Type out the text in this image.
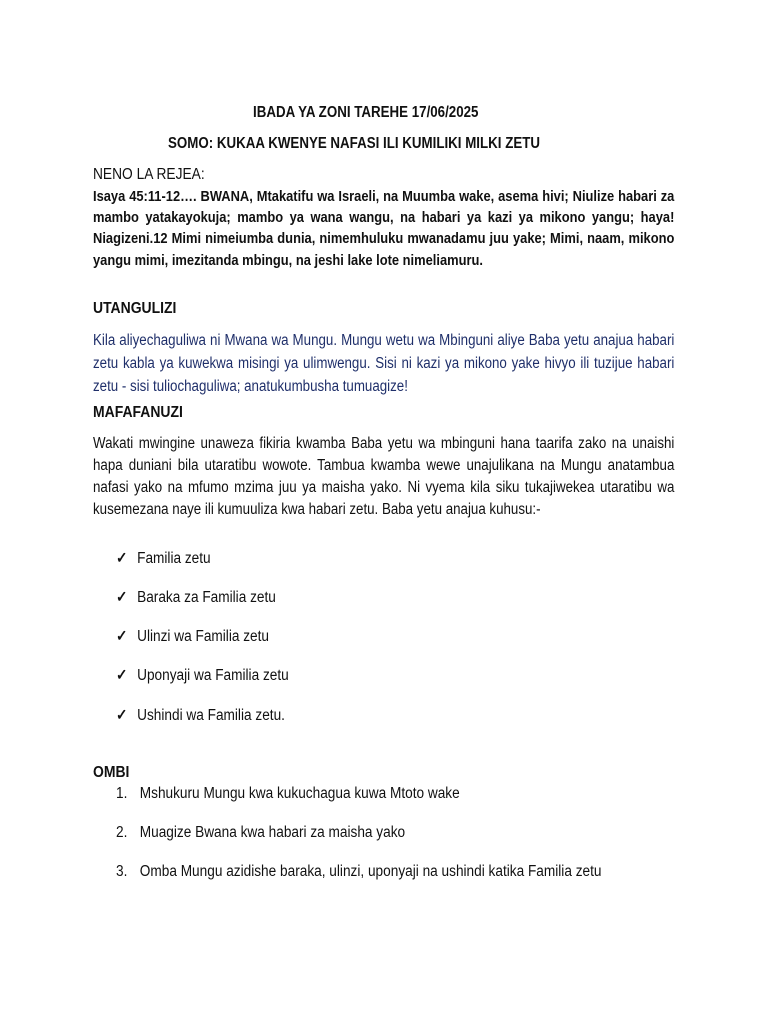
IBADA YA ZONI TAREHE 17/06/2025
SOMO: KUKAA KWENYE NAFASI ILI KUMILIKI MILKI ZETU
NENO LA REJEA:
Isaya 45:11-12…. BWANA, Mtakatifu wa Israeli, na Muumba wake, asema hivi; Niulize habari za mambo yatakayokuja; mambo ya wana wangu, na habari ya kazi ya mikono yangu; haya! Niagizeni.12 Mimi nimeiumba dunia, nimemhuluku mwanadamu juu yake; Mimi, naam, mikono yangu mimi, imezitanda mbingu, na jeshi lake lote nimeliamuru.
UTANGULIZI
Kila aliyechaguliwa ni Mwana wa Mungu. Mungu wetu wa Mbinguni aliye Baba yetu anajua habari zetu kabla ya kuwekwa misingi ya ulimwengu. Sisi ni kazi ya mikono yake hivyo ili tuzijue habari zetu - sisi tuliochaguliwa; anatukumbusha tumuagize!
MAFAFANUZI
Wakati mwingine unaweza fikiria kwamba Baba yetu wa mbinguni hana taarifa zako na unaishi hapa duniani bila utaratibu wowote. Tambua kwamba wewe unajulikana na Mungu anatambua nafasi yako na mfumo mzima juu ya maisha yako. Ni vyema kila siku tukajiwekea utaratibu wa kusemezana naye ili kumuuliza kwa habari zetu. Baba yetu anajua kuhusu:-
✓ Familia zetu
✓ Baraka za Familia zetu
✓ Ulinzi wa Familia zetu
✓ Uponyaji wa Familia zetu
✓ Ushindi wa Familia zetu.
OMBI
1. Mshukuru Mungu kwa kukuchagua kuwa Mtoto wake
2. Muagize Bwana kwa habari za maisha yako
3. Omba Mungu azidishe baraka, ulinzi, uponyaji na ushindi katika Familia zetu
